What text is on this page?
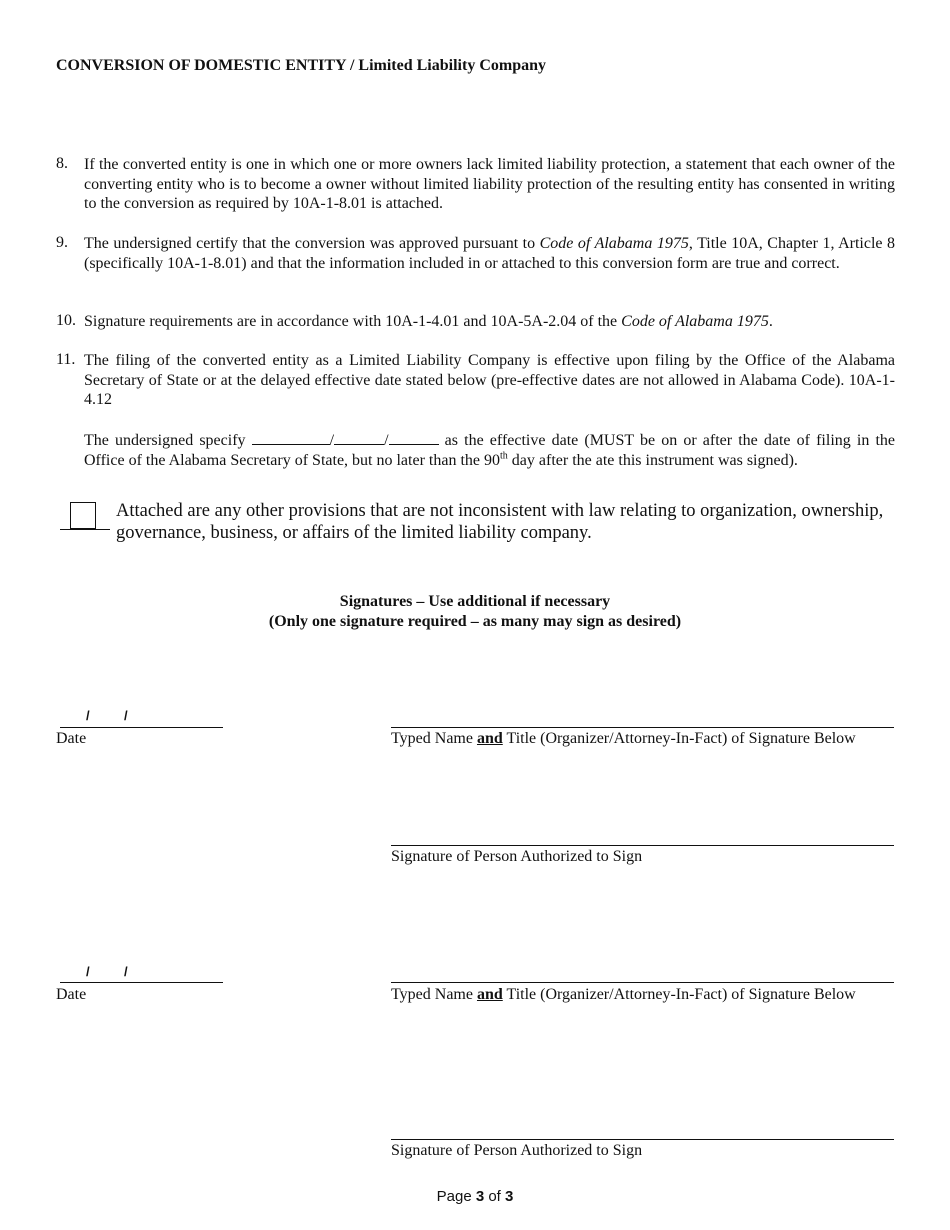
CONVERSION OF DOMESTIC ENTITY / Limited Liability Company
8. If the converted entity is one in which one or more owners lack limited liability protection, a statement that each owner of the converting entity who is to become a owner without limited liability protection of the resulting entity has consented in writing to the conversion as required by 10A-1-8.01 is attached.
9. The undersigned certify that the conversion was approved pursuant to Code of Alabama 1975, Title 10A, Chapter 1, Article 8 (specifically 10A-1-8.01) and that the information included in or attached to this conversion form are true and correct.
10. Signature requirements are in accordance with 10A-1-4.01 and 10A-5A-2.04 of the Code of Alabama 1975.
11. The filing of the converted entity as a Limited Liability Company is effective upon filing by the Office of the Alabama Secretary of State or at the delayed effective date stated below (pre-effective dates are not allowed in Alabama Code). 10A-1-4.12
The undersigned specify	/	/	as the effective date (MUST be on or after the date of filing in the Office of the Alabama Secretary of State, but no later than the 90th day after the ate this instrument was signed).
Attached are any other provisions that are not inconsistent with law relating to organization, ownership,
governance, business, or affairs of the limited liability company.
Signatures – Use additional if necessary
(Only one signature required – as many may sign as desired)
/	/
Date	Typed Name and Title (Organizer/Attorney-In-Fact) of Signature Below
Signature of Person Authorized to Sign
/	/
Date	Typed Name and Title (Organizer/Attorney-In-Fact) of Signature Below
Signature of Person Authorized to Sign
Page 3 of 3
